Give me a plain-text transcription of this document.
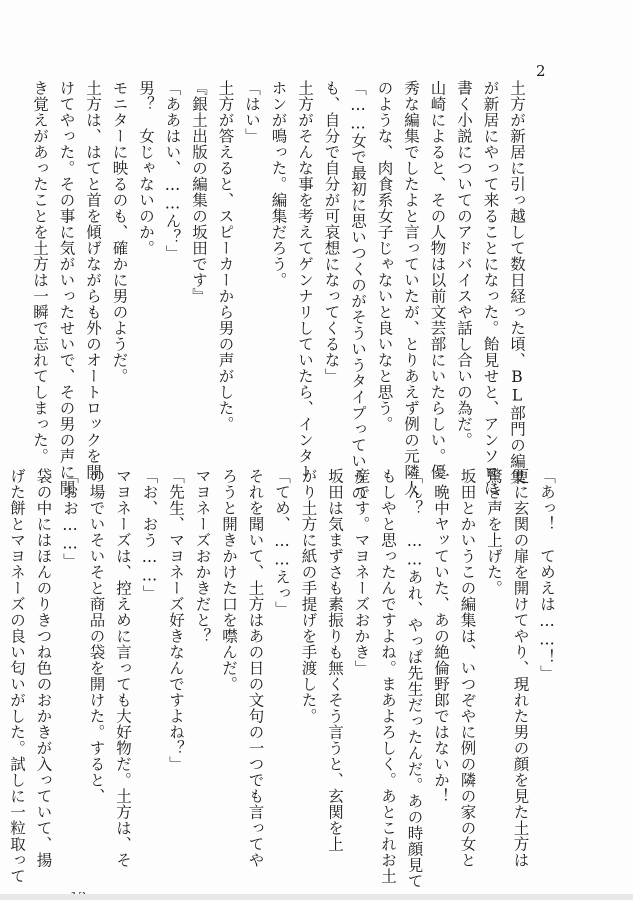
2
土方が新居に引っ越して数日経った頃、BL部門の編集
が新居にやって来ることになった。飴見せと、アンソロに
書く小説についてのアドバイスや話し合いの為だ。
山崎によると、その人物は以前文芸部にいたらしい。優
秀な編集でしたよと言っていたが、とりあえず例の元隣人
のような、肉食系女子じゃないと良いなと思う。
「……女で最初に思いつくのがそういうタイプっていうの
も、自分で自分が可哀想になってくるな」
土方がそんな事を考えてゲンナリしていたら、インター
ホンが鳴った。編集だろう。
「はい」
土方が答えると、スピーカーから男の声がした。
『銀土出版の編集の坂田です』
「ああはい、……ん？」
男？　女じゃないのか。
モニターに映るのも、確かに男のようだ。
土方は、はてと首を傾げながらも外のオートロックを開
けてやった。その事に気がいったせいで、その男の声に聞
き覚えがあったことを土方は一瞬で忘れてしまった。
「あっ！　てめえは……！」
更に玄関の扉を開けてやり、現れた男の顔を見た土方は
驚き声を上げた。
坂田とかいうこの編集は、いつぞやに例の隣の家の女と
一晩中ヤッていた、あの絶倫野郎ではないか！
「ん？　……あれ、やっぱ先生だったんだ。あの時顔見て
もしやと思ったんですよね。まあよろしく。あとこれお土
産です。マヨネーズおかき」
坂田は気まずさも素振りも無くそう言うと、玄関を上
がり土方に紙の手提げを手渡した。
「てめ、……えっ」
それを聞いて、土方はあの日の文句の一つでも言ってや
ろうと開きかけた口を噤んだ。
マヨネーズおかきだと？
「先生、マヨネーズ好きなんですよね？」
「お、おう……」
マヨネーズは、控えめに言っても大好物だ。土方は、そ
の場でいそいそと商品の袋を開けた。すると、
「おお……」
袋の中にはほんのりきつね色のおかきが入っていて、揚
げた餅とマヨネーズの良い匂いがした。試しに一粒取って
